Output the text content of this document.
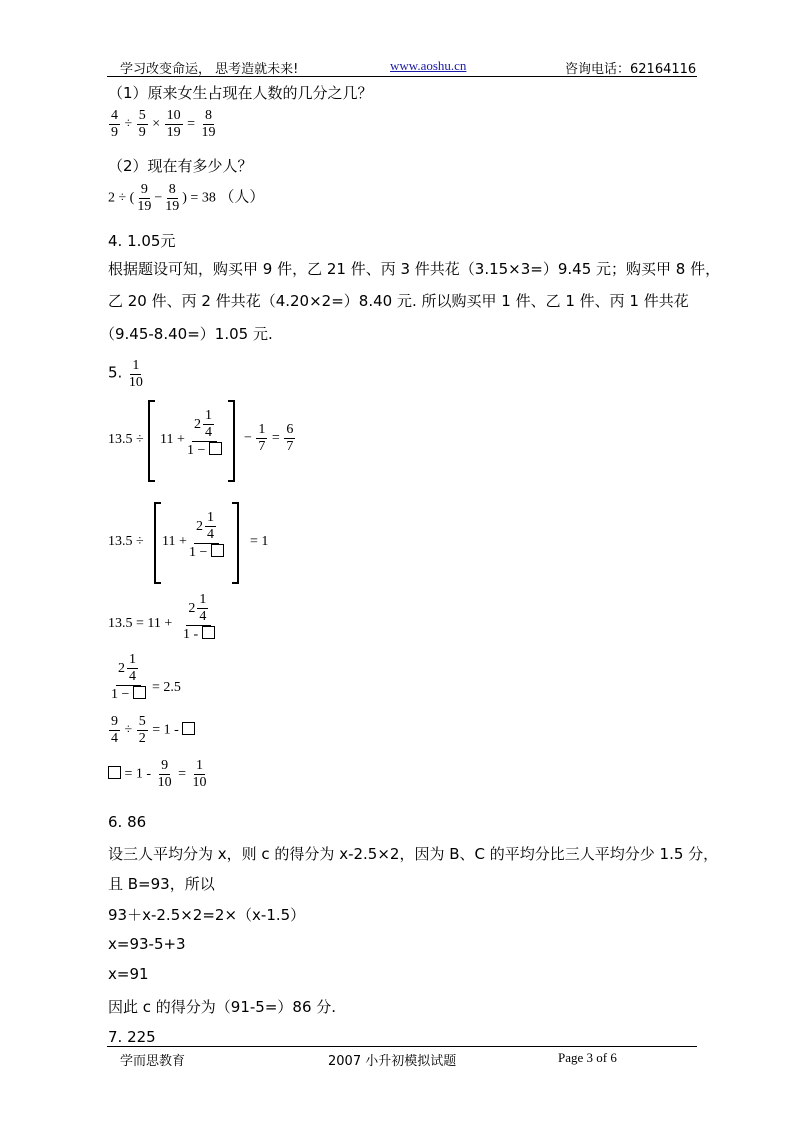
学习改变命运， 思考造就未来!	www.aoshu.cn	咨询电话：62164116
（1）原来女生占现在人数的几分之几？
$\frac{4}{9} \div \frac{5}{9} \times \frac{10}{19} = \frac{8}{19}$
（2）现在有多少人？
2 ÷ ( $\frac{9}{19} - \frac{8}{19}$ ) = 38 （人）
4. 1.05元
根据题设可知，购买甲 9 件，乙 21 件、丙 3 件共花（3.15×3=）9.45 元；购买甲 8 件，
乙 20 件、丙 2 件共花（4.20×2=）8.40 元. 所以购买甲 1 件、乙 1 件、丙 1 件共花
（9.45-8.40=）1.05 元.
5. $\frac{1}{10}$
$13.5 \div 11 + \frac{2 \frac{1}{4}}{1 -} - \frac{1}{7} = \frac{6}{7}$
$13.5 \div 11 + \frac{2 \frac{1}{4}}{1 -} = 1$
$13.5 = 11 + \frac{2 \frac{1}{4}}{1 -}$
$\frac{2 \frac{1}{4}}{1 -} = 2.5$
$\frac{9}{4} \div \frac{5}{2} = 1$ -
= $1 - \frac{9}{10} = \frac{1}{10}$
6. 86
设三人平均分为 x，则 c 的得分为 x-2.5×2，因为 B、C 的平均分比三人平均分少 1.5 分，
且 B=93，所以
93＋x-2.5×2=2×（x-1.5）
x=93-5+3
x=91
因此 c 的得分为（91-5=）86 分.
7. 225
学而思教育	2007 小升初模拟试题	Page 3 of 6
